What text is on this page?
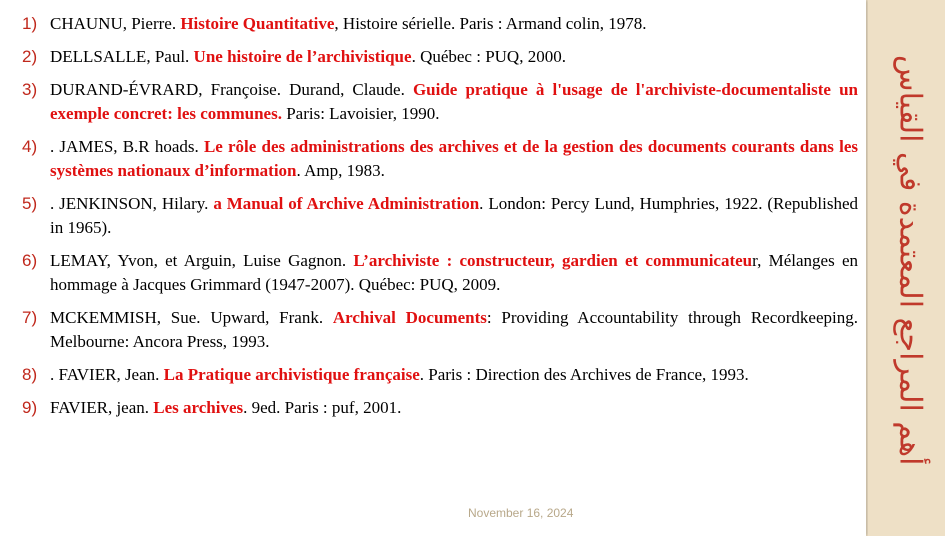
1) CHAUNU, Pierre. Histoire Quantitative, Histoire sérielle. Paris : Armand colin, 1978.
2) DELLSALLE, Paul. Une histoire de l’archivistique. Québec : PUQ, 2000.
3) DURAND-ÉVRARD, Françoise. Durand, Claude. Guide pratique à l'usage de l'archiviste-documentaliste un exemple concret: les communes. Paris: Lavoisier, 1990.
4) . JAMES, B.R hoads. Le rôle des administrations des archives et de la gestion des documents courants dans les systèmes nationaux d’information. Amp, 1983.
5) . JENKINSON, Hilary. a Manual of Archive Administration. London: Percy Lund, Humphries, 1922. (Republished in 1965).
6) LEMAY, Yvon, et Arguin, Luise Gagnon. L’archiviste : constructeur, gardien et communicateur, Mélanges en hommage à Jacques Grimmard (1947-2007). Québec: PUQ, 2009.
7) MCKEMMISH, Sue. Upward, Frank. Archival Documents: Providing Accountability through Recordkeeping. Melbourne: Ancora Press, 1993.
8) . FAVIER, Jean. La Pratique archivistique française. Paris : Direction des Archives de France, 1993.
9) FAVIER, jean. Les archives. 9ed. Paris : puf, 2001.
November 16, 2024
أهم المراجع المعتمدة في القياس
